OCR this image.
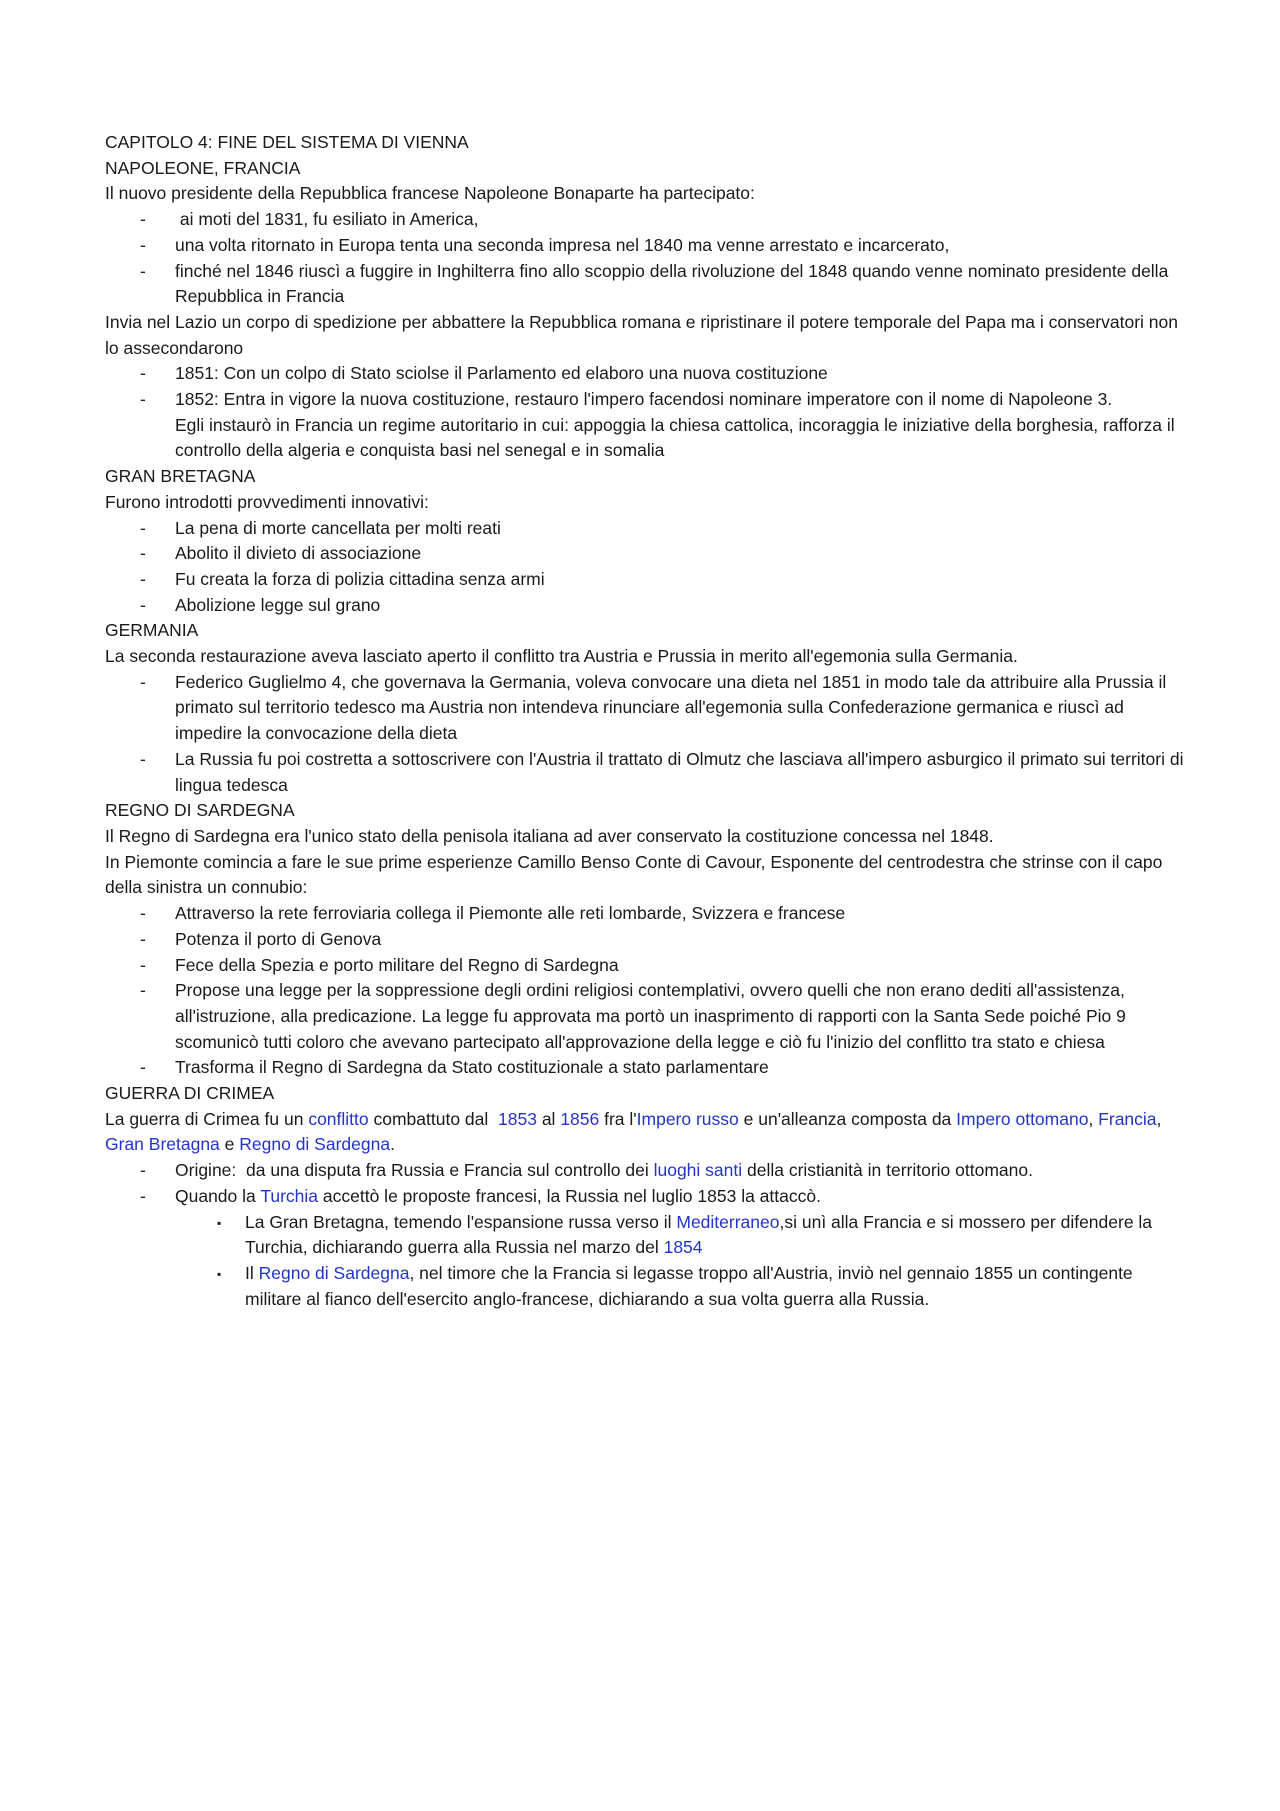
CAPITOLO 4: FINE DEL SISTEMA DI VIENNA
NAPOLEONE, FRANCIA
Il nuovo presidente della Repubblica francese Napoleone Bonaparte ha partecipato:
- ai moti del 1831, fu esiliato in America,
- una volta ritornato in Europa tenta una seconda impresa nel 1840 ma venne arrestato e incarcerato,
- finché nel 1846 riuscì a fuggire in Inghilterra fino allo scoppio della rivoluzione del 1848 quando venne nominato presidente della Repubblica in Francia
Invia nel Lazio un corpo di spedizione per abbattere la Repubblica romana e ripristinare il potere temporale del Papa ma i conservatori non lo assecondarono
- 1851: Con un colpo di Stato sciolse il Parlamento ed elaboro una nuova costituzione
- 1852: Entra in vigore la nuova costituzione, restauro l'impero facendosi nominare imperatore con il nome di Napoleone 3.
Egli instaurò in Francia un regime autoritario in cui: appoggia la chiesa cattolica, incoraggia le iniziative della borghesia, rafforza il controllo della algeria e conquista basi nel senegal e in somalia
GRAN BRETAGNA
Furono introdotti provvedimenti innovativi:
- La pena di morte cancellata per molti reati
- Abolito il divieto di associazione
- Fu creata la forza di polizia cittadina senza armi
- Abolizione legge sul grano
GERMANIA
La seconda restaurazione aveva lasciato aperto il conflitto tra Austria e Prussia in merito all'egemonia sulla Germania.
- Federico Guglielmo 4, che governava la Germania, voleva convocare una dieta nel 1851 in modo tale da attribuire alla Prussia il primato sul territorio tedesco ma Austria non intendeva rinunciare all'egemonia sulla Confederazione germanica e riuscì ad impedire la convocazione della dieta
- La Russia fu poi costretta a sottoscrivere con l'Austria il trattato di Olmutz che lasciava all'impero asburgico il primato sui territori di lingua tedesca
REGNO DI SARDEGNA
Il Regno di Sardegna era l'unico stato della penisola italiana ad aver conservato la costituzione concessa nel 1848.
In Piemonte comincia a fare le sue prime esperienze Camillo Benso Conte di Cavour, Esponente del centrodestra che strinse con il capo della sinistra un connubio:
- Attraverso la rete ferroviaria collega il Piemonte alle reti lombarde, Svizzera e francese
- Potenza il porto di Genova
- Fece della Spezia e porto militare del Regno di Sardegna
- Propose una legge per la soppressione degli ordini religiosi contemplativi, ovvero quelli che non erano dediti all'assistenza, all'istruzione, alla predicazione. La legge fu approvata ma portò un inasprimento di rapporti con la Santa Sede poiché Pio 9 scomunicò tutti coloro che avevano partecipato all'approvazione della legge e ciò fu l'inizio del conflitto tra stato e chiesa
- Trasforma il Regno di Sardegna da Stato costituzionale a stato parlamentare
GUERRA DI CRIMEA
La guerra di Crimea fu un conflitto combattuto dal  1853 al 1856 fra l'Impero russo e un'alleanza composta da Impero ottomano, Francia, Gran Bretagna e Regno di Sardegna.
- Origine:  da una disputa fra Russia e Francia sul controllo dei luoghi santi della cristianità in territorio ottomano.
- Quando la Turchia accettò le proposte francesi, la Russia nel luglio 1853 la attaccò.
▪ La Gran Bretagna, temendo l'espansione russa verso il Mediterraneo,si unì alla Francia e si mossero per difendere la Turchia, dichiarando guerra alla Russia nel marzo del 1854
▪ Il Regno di Sardegna, nel timore che la Francia si legasse troppo all'Austria, inviò nel gennaio 1855 un contingente militare al fianco dell'esercito anglo-francese, dichiarando a sua volta guerra alla Russia.
